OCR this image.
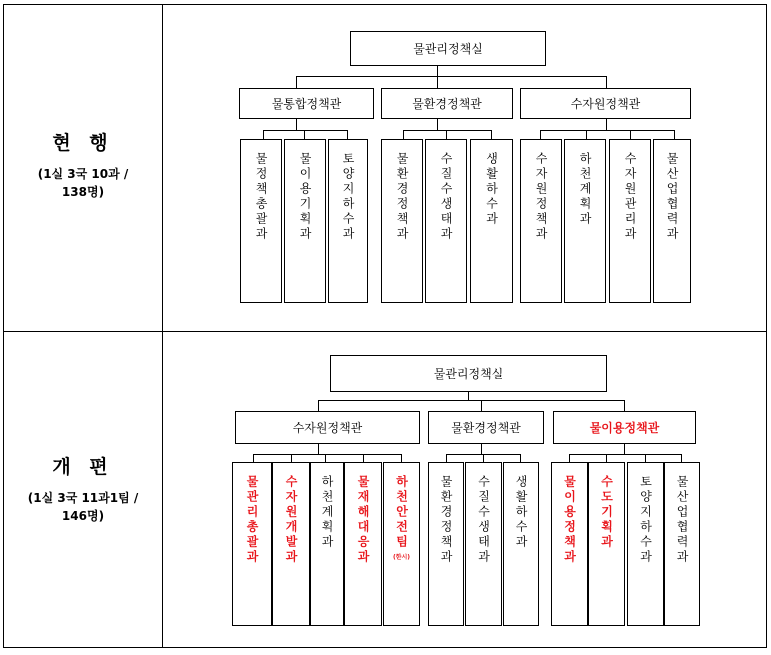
현 행
(1실 3국 10과 /
138명)
개 편
(1실 3국 11과1팀 /
146명)
물관리정책실
물통합정책관	물환경정책관	수자원정책관
물정책총괄과	물이용기획과 토양지하수과	물환경정책과	수질수생태과	생활하수과	수자원정책과	하천계획과	수자원관리과 물산업협력과
물관리정책실
수자원정책관	물환경정책관	물이용정책관
물관리총괄과 수자원개발과 하천계획과 물재해대응과 하천안전팀
(한시) 물환경정책과 수질수생태과 생활하수과	물이용정책과 수도기획과 토양지하수과 물산업협력과
